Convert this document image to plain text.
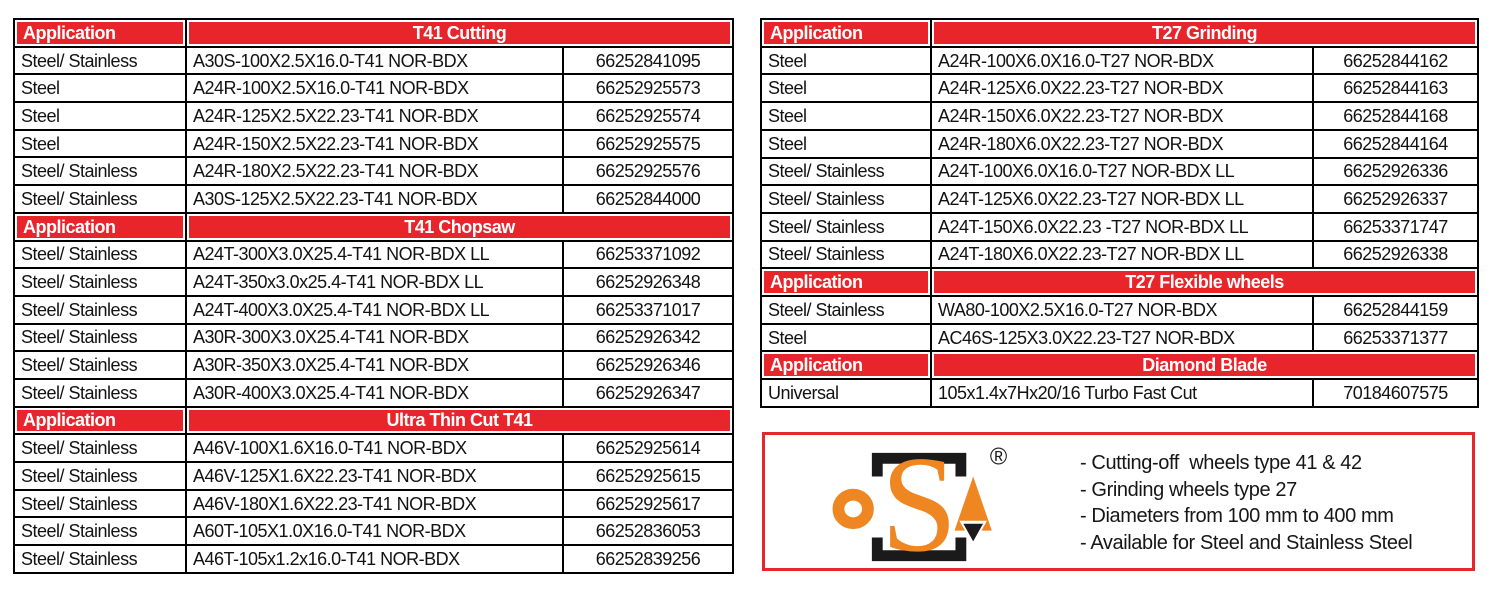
Application	T41 Cutting	
Steel/ Stainless	A30S-100X2.5X16.0-T41 NOR-BDX	66252841095
Steel	A24R-100X2.5X16.0-T41 NOR-BDX	66252925573
Steel	A24R-125X2.5X22.23-T41 NOR-BDX	66252925574
Steel	A24R-150X2.5X22.23-T41 NOR-BDX	66252925575
Steel/ Stainless	A24R-180X2.5X22.23-T41 NOR-BDX	66252925576
Steel/ Stainless	A30S-125X2.5X22.23-T41 NOR-BDX	66252844000
Application	T41 Chopsaw	
Steel/ Stainless	A24T-300X3.0X25.4-T41 NOR-BDX LL	66253371092
Steel/ Stainless	A24T-350x3.0x25.4-T41 NOR-BDX LL	66252926348
Steel/ Stainless	A24T-400X3.0X25.4-T41 NOR-BDX LL	66253371017
Steel/ Stainless	A30R-300X3.0X25.4-T41 NOR-BDX	66252926342
Steel/ Stainless	A30R-350X3.0X25.4-T41 NOR-BDX	66252926346
Steel/ Stainless	A30R-400X3.0X25.4-T41 NOR-BDX	66252926347
Application	Ultra Thin Cut T41	
Steel/ Stainless	A46V-100X1.6X16.0-T41 NOR-BDX	66252925614
Steel/ Stainless	A46V-125X1.6X22.23-T41 NOR-BDX	66252925615
Steel/ Stainless	A46V-180X1.6X22.23-T41 NOR-BDX	66252925617
Steel/ Stainless	A60T-105X1.0X16.0-T41 NOR-BDX	66252836053
Steel/ Stainless	A46T-105x1.2x16.0-T41 NOR-BDX	66252839256
Application	T27 Grinding	
Steel	A24R-100X6.0X16.0-T27 NOR-BDX	66252844162
Steel	A24R-125X6.0X22.23-T27 NOR-BDX	66252844163
Steel	A24R-150X6.0X22.23-T27 NOR-BDX	66252844168
Steel	A24R-180X6.0X22.23-T27 NOR-BDX	66252844164
Steel/ Stainless	A24T-100X6.0X16.0-T27 NOR-BDX LL	66252926336
Steel/ Stainless	A24T-125X6.0X22.23-T27 NOR-BDX LL	66252926337
Steel/ Stainless	A24T-150X6.0X22.23 -T27 NOR-BDX LL	66253371747
Steel/ Stainless	A24T-180X6.0X22.23-T27 NOR-BDX LL	66252926338
Application	T27 Flexible wheels	
Steel/ Stainless	WA80-100X2.5X16.0-T27 NOR-BDX	66252844159
Steel	AC46S-125X3.0X22.23-T27 NOR-BDX	66253371377
Application	Diamond Blade	
Universal	105x1.4x7Hx20/16 Turbo Fast Cut	70184607575
S ®	- Cutting-off  wheels type 41 & 42
- Grinding wheels type 27
- Diameters from 100 mm to 400 mm
- Available for Steel and Stainless Steel
